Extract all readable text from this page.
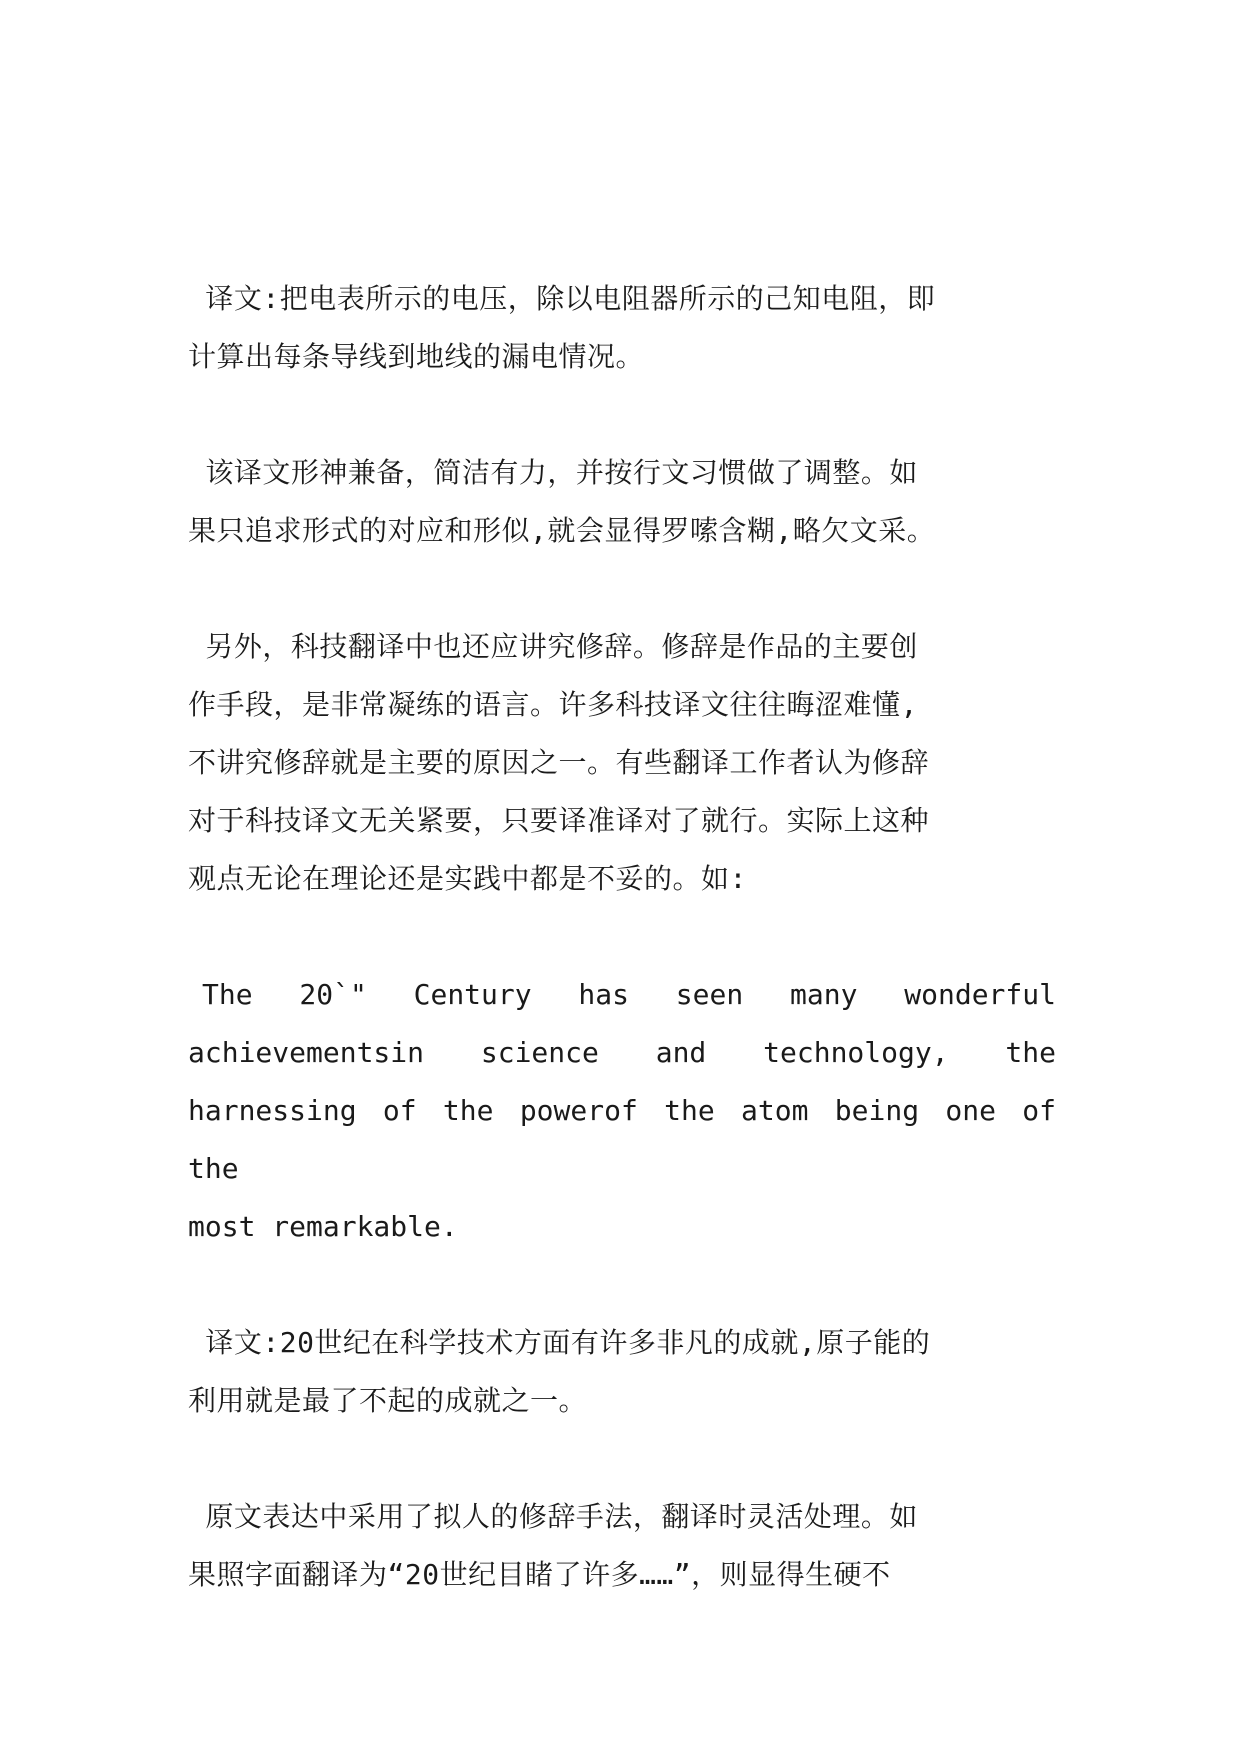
译文:把电表所示的电压，除以电阻器所示的己知电阻，即
计算出每条导线到地线的漏电情况。

该译文形神兼备，简洁有力，并按行文习惯做了调整。如
果只追求形式的对应和形似,就会显得罗嗦含糊,略欠文采。

另外，科技翻译中也还应讲究修辞。修辞是作品的主要创
作手段，是非常凝练的语言。许多科技译文往往晦涩难懂,
不讲究修辞就是主要的原因之一。有些翻译工作者认为修辞
对于科技译文无关紧要，只要译准译对了就行。实际上这种
观点无论在理论还是实践中都是不妥的。如:

The 20`" Century has seen many wonderful
achievementsin science and technology, the
harnessing of the powerof the atom being one of the
most remarkable.

译文:20世纪在科学技术方面有许多非凡的成就,原子能的
利用就是最了不起的成就之一。

原文表达中采用了拟人的修辞手法，翻译时灵活处理。如
果照字面翻译为“20世纪目睹了许多……”，则显得生硬不
